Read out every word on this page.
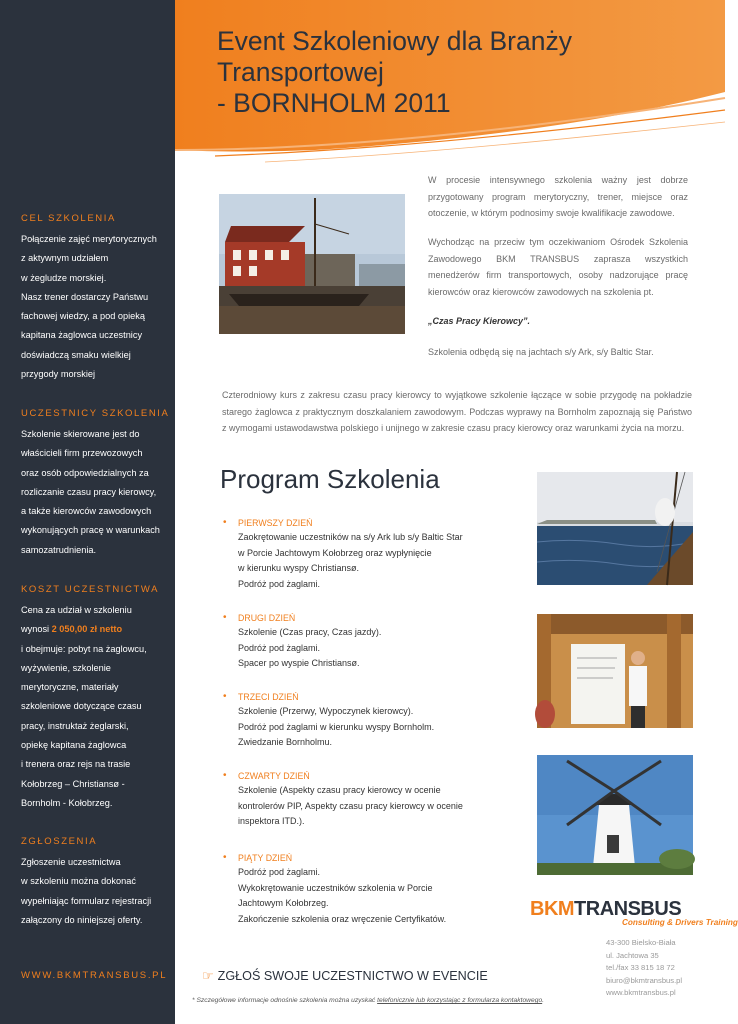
CEL SZKOLENIA
Połączenie zajęć merytorycznych
z aktywnym udziałem
w żegludze morskiej.
Nasz trener dostarczy Państwu
fachowej wiedzy, a pod opieką
kapitana żaglowca uczestnicy
doświadczą smaku wielkiej
przygody morskiej
UCZESTNICY SZKOLENIA
Szkolenie skierowane jest do
właścicieli firm przewozowych
oraz osób odpowiedzialnych za
rozliczanie czasu pracy kierowcy,
a także kierowców zawodowych
wykonujących pracę w warunkach
samozatrudnienia.
KOSZT UCZESTNICTWA
Cena za udział w szkoleniu
wynosi 2 050,00 zł netto
i obejmuje: pobyt na żaglowcu,
wyżywienie, szkolenie
merytoryczne, materiały
szkoleniowe dotyczące czasu
pracy, instruktaż żeglarski,
opiekę kapitana żaglowca
i trenera oraz rejs na trasie
Kołobrzeg – Christiansø -
Bornholm - Kołobrzeg.
ZGŁOSZENIA
Zgłoszenie uczestnictwa
w szkoleniu można dokonać
wypełniając formularz rejestracji
załączony do niniejszej oferty.
WWW.BKMTRANSBUS.PL
Event Szkoleniowy dla Branży Transportowej
- BORNHOLM 2011
W procesie intensywnego szkolenia ważny jest dobrze przygotowany program merytoryczny, trener, miejsce oraz otoczenie, w którym podnosimy swoje kwalifikacje zawodowe.
Wychodząc na przeciw tym oczekiwaniom Ośrodek Szkolenia Zawodowego BKM TRANSBUS zaprasza wszystkich menedżerów firm transportowych, osoby nadzorujące pracę kierowców oraz kierowców zawodowych na szkolenia pt.
„Czas Pracy Kierowcy”.
Szkolenia odbędą się na jachtach s/y Ark, s/y Baltic Star.
Czterodniowy kurs z zakresu czasu pracy kierowcy to wyjątkowe szkolenie łączące w sobie przygodę na pokładzie starego żaglowca z praktycznym doszkalaniem zawodowym. Podczas wyprawy na Bornholm zapoznają się Państwo z wymogami ustawodawstwa polskiego i unijnego w zakresie czasu pracy kierowcy oraz warunkami życia na morzu.
Program Szkolenia
• PIERWSZY DZIEŃ
Zaokrętowanie uczestników na s/y Ark lub s/y Baltic Star
w Porcie Jachtowym Kołobrzeg oraz wypłynięcie
w kierunku wyspy Christiansø.
Podróż pod żaglami.
• DRUGI DZIEŃ
Szkolenie (Czas pracy, Czas jazdy).
Podróż pod żaglami.
Spacer po wyspie Christiansø.
• TRZECI DZIEŃ
Szkolenie (Przerwy, Wypoczynek kierowcy).
Podróż pod żaglami w kierunku wyspy Bornholm.
Zwiedzanie Bornholmu.
• CZWARTY DZIEŃ
Szkolenie (Aspekty czasu pracy kierowcy w ocenie
kontrolerów PIP, Aspekty czasu pracy kierowcy w ocenie
inspektora ITD.).
• PIĄTY DZIEŃ
Podróż pod żaglami.
Wykokrętowanie uczestników szkolenia w Porcie
Jachtowym Kołobrzeg.
Zakończenie szkolenia oraz wręczenie Certyfikatów.	BKMTRANSBUS
Consulting & Drivers Training
43-300 Bielsko-Biała
ul. Jachtowa 35
tel./fax 33 815 18 72
biuro@bkmtransbus.pl
www.bkmtransbus.pl
☞ ZGŁOŚ SWOJE UCZESTNICTWO W EVENCIE
* Szczegółowe informacje odnośnie szkolenia można uzyskać telefonicznie lub korzystając z formularza kontaktowego.
